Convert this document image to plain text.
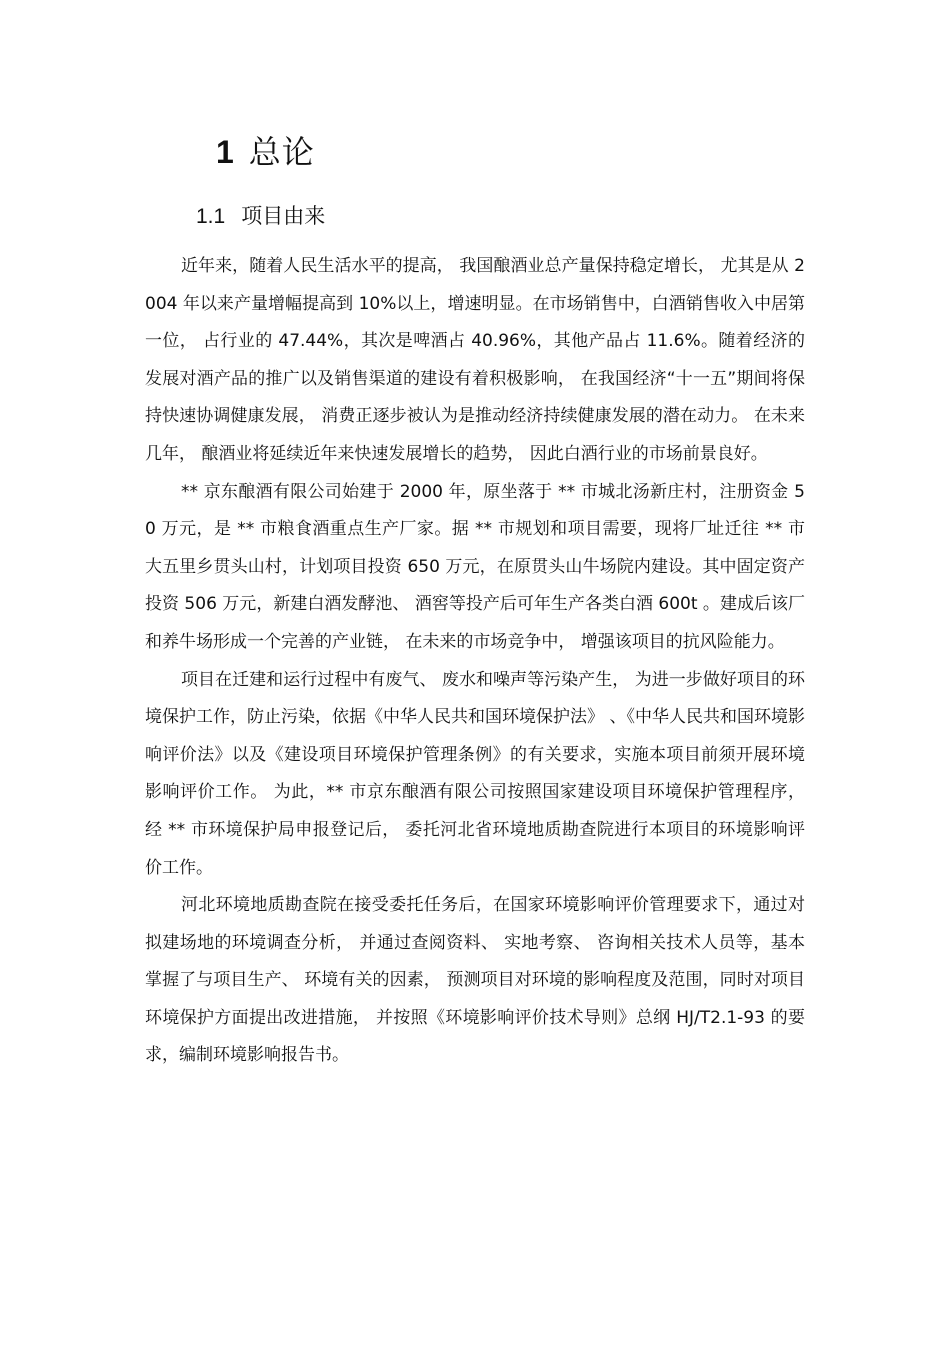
1 总论
1.1 项目由来

近年来，随着人民生活水平的提高， 我国酿酒业总产量保持稳定增长， 尤其是从 2004 年以来产量增幅提高到 10%以上，增速明显。在市场销售中，白酒销售收入中居第一位， 占行业的 47.44%，其次是啤酒占 40.96%，其他产品占 11.6%。随着经济的发展对酒产品的推广以及销售渠道的建设有着积极影响， 在我国经济“十一五”期间将保持快速协调健康发展， 消费正逐步被认为是推动经济持续健康发展的潜在动力。 在未来几年， 酿酒业将延续近年来快速发展增长的趋势， 因此白酒行业的市场前景良好。

** 京东酿酒有限公司始建于 2000 年，原坐落于 ** 市城北汤新庄村，注册资金 50 万元，是 ** 市粮食酒重点生产厂家。据 ** 市规划和项目需要，现将厂址迁往 ** 市大五里乡贯头山村，计划项目投资 650 万元，在原贯头山牛场院内建设。其中固定资产投资 506 万元，新建白酒发酵池、 酒窖等投产后可年生产各类白酒 600t 。建成后该厂和养牛场形成一个完善的产业链， 在未来的市场竞争中， 增强该项目的抗风险能力。

项目在迁建和运行过程中有废气、 废水和噪声等污染产生， 为进一步做好项目的环境保护工作，防止污染，依据《中华人民共和国环境保护法》 、《中华人民共和国环境影响评价法》以及《建设项目环境保护管理条例》的有关要求，实施本项目前须开展环境影响评价工作。 为此，** 市京东酿酒有限公司按照国家建设项目环境保护管理程序， 经 ** 市环境保护局申报登记后， 委托河北省环境地质勘查院进行本项目的环境影响评价工作。

河北环境地质勘查院在接受委托任务后，在国家环境影响评价管理要求下，通过对拟建场地的环境调查分析， 并通过查阅资料、 实地考察、 咨询相关技术人员等，基本掌握了与项目生产、 环境有关的因素， 预测项目对环境的影响程度及范围，同时对项目环境保护方面提出改进措施， 并按照《环境影响评价技术导则》总纲 HJ/T2.1-93 的要求，编制环境影响报告书。
